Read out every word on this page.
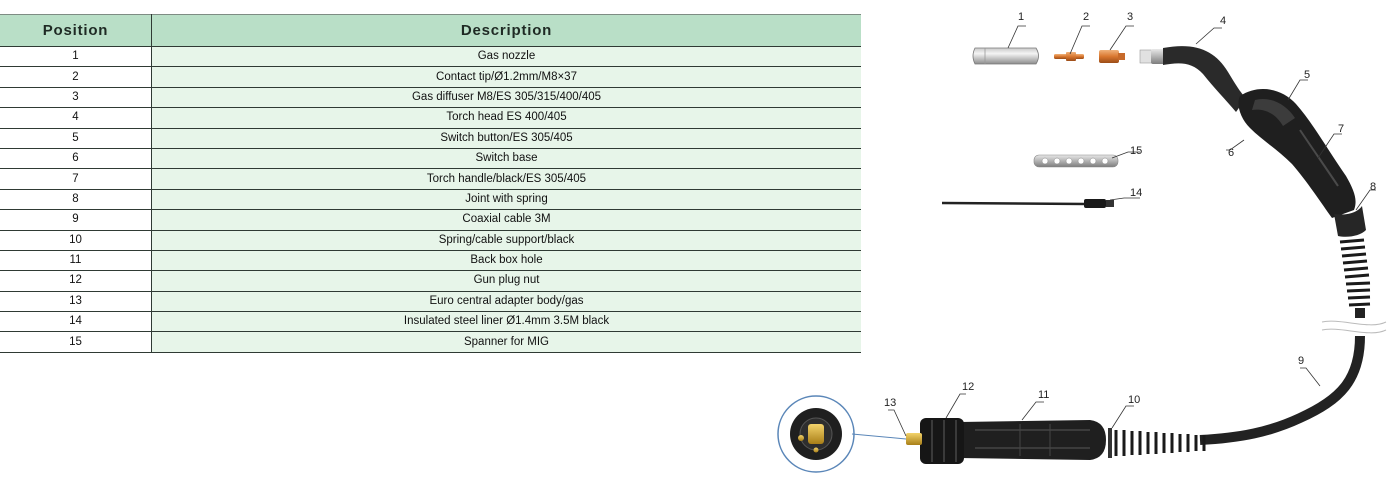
Position	Description
1	Gas nozzle
2	Contact tip/Ø1.2mm/M8×37
3	Gas diffuser M8/ES 305/315/400/405
4	Torch head ES 400/405
5	Switch button/ES 305/405
6	Switch base
7	Torch handle/black/ES 305/405
8	Joint with spring
9	Coaxial cable 3M
10	Spring/cable support/black
11	Back box hole
12	Gun plug nut
13	Euro central adapter body/gas
14	Insulated steel liner Ø1.4mm 3.5M black
15	Spanner for MIG
1	2	3	4
5
6
7
8
9
10
11
12
13
14
15
